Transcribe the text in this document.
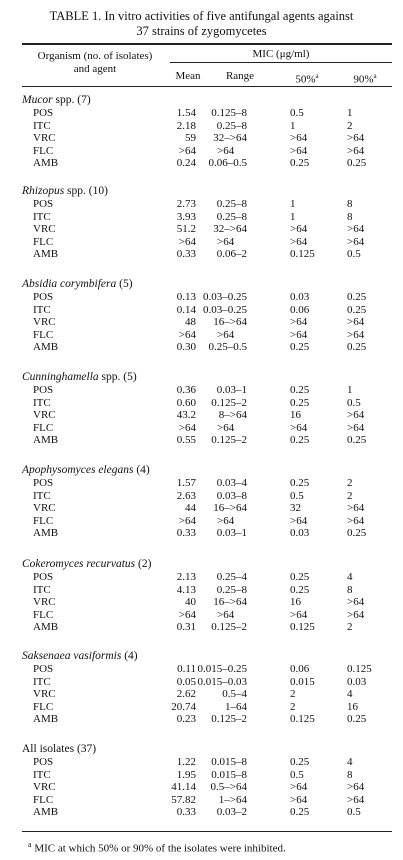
TABLE 1. In vitro activities of five antifungal agents against
37 strains of zygomycetes
Organism (no. of isolates)
and agent
MIC (μg/ml)
Mean	Range	50%$^a$	90%$^a$
Mucor spp. (7)
POS	1.54 0.125–8	0.5	1
ITC	2.18 0.25–8	1	2
VRC	59 32–>64	>64	>64
FLC	>64 >64	>64	>64
AMB	0.24 0.06–0.5	0.25	0.25
Rhizopus spp. (10)
POS	2.73 0.25–8	1	8
ITC	3.93 0.25–8	1	8
VRC	51.2 32–>64	>64	>64
FLC	>64 >64	>64	>64
AMB	0.33 0.06–2	0.125	0.5
Absidia corymbifera (5)
POS	0.13 0.03–0.25	0.03	0.25
ITC	0.14 0.03–0.25	0.06	0.25
VRC	48 16–>64	>64	>64
FLC	>64 >64	>64	>64
AMB	0.30 0.25–0.5	0.25	0.25
Cunninghamella spp. (5)
POS	0.36 0.03–1	0.25	1
ITC	0.60 0.125–2	0.25	0.5
VRC	43.2 8–>64	16	>64
FLC	>64 >64	>64	>64
AMB	0.55 0.125–2	0.25	0.25
Apophysomyces elegans (4)
POS	1.57 0.03–4	0.25	2
ITC	2.63 0.03–8	0.5	2
VRC	44 16–>64	32	>64
FLC	>64 >64	>64	>64
AMB	0.33 0.03–1	0.03	0.25
Cokeromyces recurvatus (2)
POS	2.13 0.25–4	0.25	4
ITC	4.13 0.25–8	0.25	8
VRC	40 16–>64	16	>64
FLC	>64 >64	>64	>64
AMB	0.31 0.125–2	0.125	2
Saksenaea vasiformis (4)
POS	0.11 0.015–0.25	0.06	0.125
ITC	0.05 0.015–0.03	0.015	0.03
VRC	2.62 0.5–4	2	4
FLC	20.74	1–64	2	16
AMB	0.23 0.125–2	0.125	0.25
All isolates (37)
POS	1.22 0.015–8	0.25	4
ITC	1.95 0.015–8	0.5	8
VRC	41.14 0.5–>64	>64	>64
FLC	57.82 1–>64	>64	>64
AMB	0.33 0.03–2	0.25	0.5
$^a$ MIC at which 50% or 90% of the isolates were inhibited.
